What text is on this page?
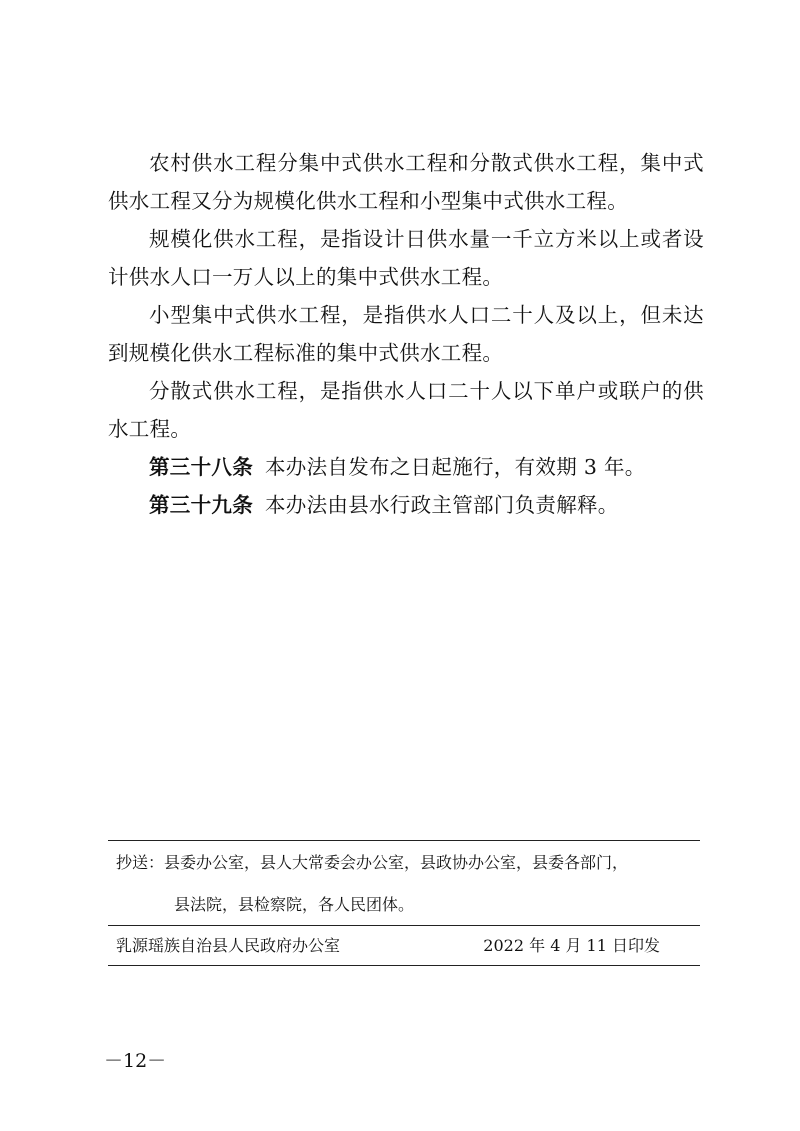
农村供水工程分集中式供水工程和分散式供水工程，集中式供水工程又分为规模化供水工程和小型集中式供水工程。

规模化供水工程，是指设计日供水量一千立方米以上或者设计供水人口一万人以上的集中式供水工程。

小型集中式供水工程，是指供水人口二十人及以上，但未达到规模化供水工程标准的集中式供水工程。

分散式供水工程，是指供水人口二十人以下单户或联户的供水工程。

第三十八条 本办法自发布之日起施行，有效期 3 年。

第三十九条 本办法由县水行政主管部门负责解释。

抄送：县委办公室，县人大常委会办公室，县政协办公室，县委各部门，
县法院，县检察院，各人民团体。
乳源瑶族自治县人民政府办公室	2022 年 4 月 11 日印发
－12－
